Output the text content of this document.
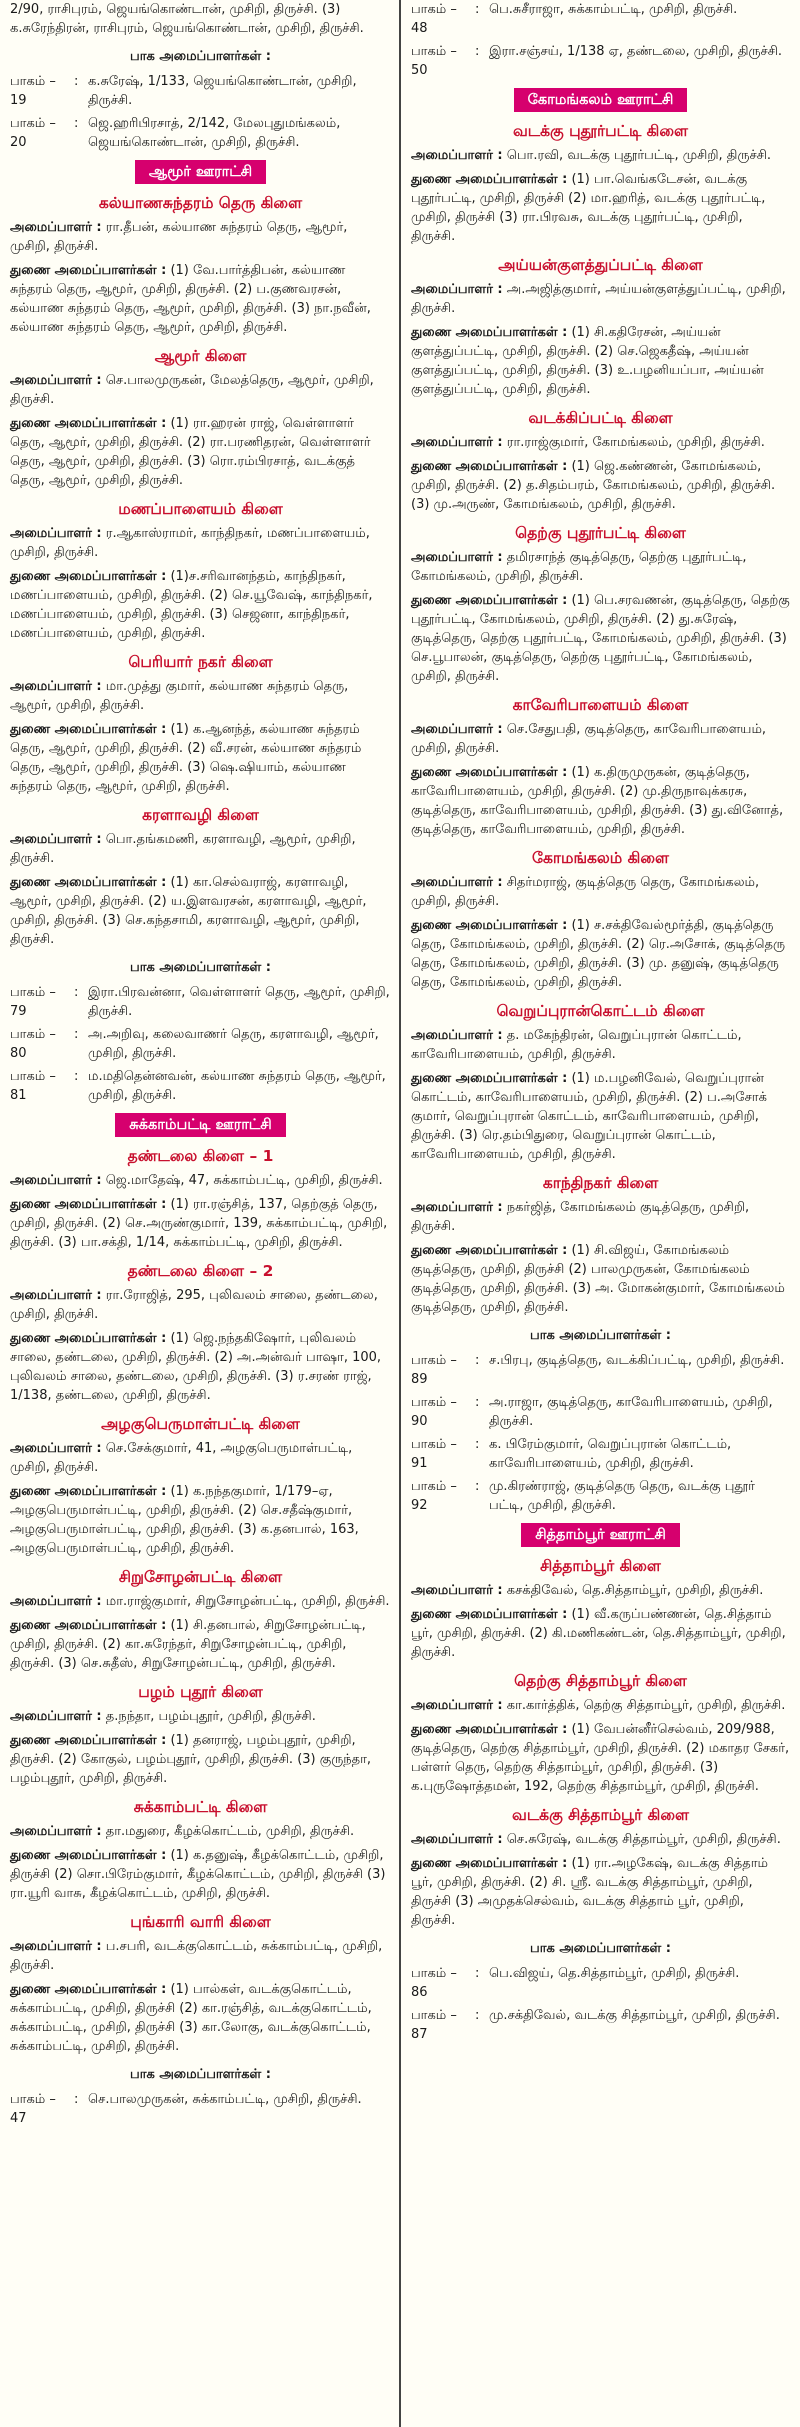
2/90, ராசிபுரம், ஜெயங்கொண்டான், முசிறி, திருச்சி. (3) க.சுரேந்திரன், ராசிபுரம், ஜெயங்கொண்டான், முசிறி, திருச்சி.

பாக அமைப்பாளர்கள் :
பாகம் – 19
: க.சுரேஷ், 1/133, ஜெயங்கொண்டான், முசிறி, திருச்சி.
பாகம் – 20
: ஜெ.ஹரிபிரசாத், 2/142, மேலபுதுமங்கலம், ஜெயங்கொண்டான், முசிறி, திருச்சி.
ஆமூர் ஊராட்சி
கல்யாணசுந்தரம் தெரு கிளை

அமைப்பாளர் : ரா.தீபன், கல்யாண சுந்தரம் தெரு, ஆமூர், முசிறி, திருச்சி.

துணை அமைப்பாளர்கள் : (1) வே.பார்த்திபன், கல்யாண சுந்தரம் தெரு, ஆமூர், முசிறி, திருச்சி. (2) ப.குணவரசன், கல்யாண சுந்தரம் தெரு, ஆமூர், முசிறி, திருச்சி. (3) நா.நவீன், கல்யாண சுந்தரம் தெரு, ஆமூர், முசிறி, திருச்சி.

ஆமூர் கிளை

அமைப்பாளர் : செ.பாலமுருகன், மேலத்தெரு, ஆமூர், முசிறி, திருச்சி.

துணை அமைப்பாளர்கள் : (1) ரா.ஹரன் ராஜ், வெள்ளாளர் தெரு, ஆமூர், முசிறி, திருச்சி. (2) ரா.பரணிதரன், வெள்ளாளர் தெரு, ஆமூர், முசிறி, திருச்சி. (3) ரொ.ரம்பிரசாத், வடக்குத் தெரு, ஆமூர், முசிறி, திருச்சி.

மணப்பாளையம் கிளை

அமைப்பாளர் : ர.ஆகாஸ்ராமர், காந்திநகர், மணப்பாளையம், முசிறி, திருச்சி.

துணை அமைப்பாளர்கள் : (1)ச.சரிவானந்தம், காந்திநகர், மணப்பாளையம், முசிறி, திருச்சி. (2) செ.யூவேஷ், காந்திநகர், மணப்பாளையம், முசிறி, திருச்சி. (3) செஜனா, காந்திநகர், மணப்பாளையம், முசிறி, திருச்சி.

பெரியார் நகர் கிளை

அமைப்பாளர் : மா.முத்து குமார், கல்யாண சுந்தரம் தெரு, ஆமூர், முசிறி, திருச்சி.

துணை அமைப்பாளர்கள் : (1) க.ஆனந்த், கல்யாண சுந்தரம் தெரு, ஆமூர், முசிறி, திருச்சி. (2) வீ.சரன், கல்யாண சுந்தரம் தெரு, ஆமூர், முசிறி, திருச்சி. (3) ஷெ.ஷியாம், கல்யாண சுந்தரம் தெரு, ஆமூர், முசிறி, திருச்சி.

கரளாவழி கிளை

அமைப்பாளர் : பொ.தங்கமணி, கரளாவழி, ஆமூர், முசிறி, திருச்சி.

துணை அமைப்பாளர்கள் : (1) கா.செல்வராஜ், கரளாவழி, ஆமூர், முசிறி, திருச்சி. (2) ய.இளவரசன், கரளாவழி, ஆமூர், முசிறி, திருச்சி. (3) செ.கந்தசாமி, கரளாவழி, ஆமூர், முசிறி, திருச்சி.

பாக அமைப்பாளர்கள் :
பாகம் – 79
: இரா.பிரவன்னா, வெள்ளாளர் தெரு, ஆமூர், முசிறி, திருச்சி.
பாகம் – 80
: அ.அறிவு, கலைவாணர் தெரு, கரளாவழி, ஆமூர், முசிறி, திருச்சி.
பாகம் – 81
: ம.மதிதென்னவன், கல்யாண சுந்தரம் தெரு, ஆமூர், முசிறி, திருச்சி.
சுக்காம்பட்டி ஊராட்சி
தண்டலை கிளை – 1

அமைப்பாளர் : ஜெ.மாதேஷ், 47, சுக்காம்பட்டி, முசிறி, திருச்சி.

துணை அமைப்பாளர்கள் : (1) ரா.ரஞ்சித், 137, தெற்குத் தெரு, முசிறி, திருச்சி. (2) செ.அருண்குமார், 139, சுக்காம்பட்டி, முசிறி, திருச்சி. (3) பா.சக்தி, 1/14, சுக்காம்பட்டி, முசிறி, திருச்சி.

தண்டலை கிளை – 2

அமைப்பாளர் : ரா.ரோஜித், 295, புலிவலம் சாலை, தண்டலை, முசிறி, திருச்சி.

துணை அமைப்பாளர்கள் : (1) ஜெ.நந்தகிஷோர், புலிவலம் சாலை, தண்டலை, முசிறி, திருச்சி. (2) அ.அன்வர் பாஷா, 100, புலிவலம் சாலை, தண்டலை, முசிறி, திருச்சி. (3) ர.சரண் ராஜ், 1/138, தண்டலை, முசிறி, திருச்சி.

அழகுபெருமாள்பட்டி கிளை

அமைப்பாளர் : செ.சேக்குமார், 41, அழகுபெருமாள்பட்டி, முசிறி, திருச்சி.

துணை அமைப்பாளர்கள் : (1) க.நந்தகுமார், 1/179–ஏ, அழகுபெருமாள்பட்டி, முசிறி, திருச்சி. (2) செ.சதீஷ்குமார், அழகுபெருமாள்பட்டி, முசிறி, திருச்சி. (3) க.தனபால், 163, அழகுபெருமாள்பட்டி, முசிறி, திருச்சி.

சிறுசோழன்பட்டி கிளை

அமைப்பாளர் : மா.ராஜ்குமார், சிறுசோழன்பட்டி, முசிறி, திருச்சி.

துணை அமைப்பாளர்கள் : (1) சி.தனபால், சிறுசோழன்பட்டி, முசிறி, திருச்சி. (2) கா.சுரேந்தர், சிறுசோழன்பட்டி, முசிறி, திருச்சி. (3) செ.சுதீஸ், சிறுசோழன்பட்டி, முசிறி, திருச்சி.

பழம் புதூர் கிளை

அமைப்பாளர் : த.நந்தா, பழம்புதூர், முசிறி, திருச்சி.

துணை அமைப்பாளர்கள் : (1) தனராஜ், பழம்புதூர், முசிறி, திருச்சி. (2) கோகுல், பழம்புதூர், முசிறி, திருச்சி. (3) குருந்தா, பழம்புதூர், முசிறி, திருச்சி.

சுக்காம்பட்டி கிளை

அமைப்பாளர் : தா.மதுரை, கீழக்கொட்டம், முசிறி, திருச்சி.

துணை அமைப்பாளர்கள் : (1) க.தனுஷ், கீழக்கொட்டம், முசிறி, திருச்சி (2) சொ.பிரேம்குமார், கீழக்கொட்டம், முசிறி, திருச்சி (3) ரா.யூரி வாசு, கீழக்கொட்டம், முசிறி, திருச்சி.

புங்காரி வாரி கிளை

அமைப்பாளர் : ப.சபரி, வடக்குகொட்டம், சுக்காம்பட்டி, முசிறி, திருச்சி.

துணை அமைப்பாளர்கள் : (1) பால்கள், வடக்குகொட்டம், சுக்காம்பட்டி, முசிறி, திருச்சி (2) கா.ரஞ்சித், வடக்குகொட்டம், சுக்காம்பட்டி, முசிறி, திருச்சி (3) கா.லோகு, வடக்குகொட்டம், சுக்காம்பட்டி, முசிறி, திருச்சி.

பாக அமைப்பாளர்கள் :
பாகம் – 47
: செ.பாலமுருகன், சுக்காம்பட்டி, முசிறி, திருச்சி.
பாகம் – 48
: பெ.சுசீராஜா, சுக்காம்பட்டி, முசிறி, திருச்சி.
பாகம் – 50
: இரா.சஞ்சய், 1/138 ஏ, தண்டலை, முசிறி, திருச்சி.
கோமங்கலம் ஊராட்சி
வடக்கு புதூர்பட்டி கிளை

அமைப்பாளர் : பொ.ரவி, வடக்கு புதூர்பட்டி, முசிறி, திருச்சி.

துணை அமைப்பாளர்கள் : (1) பா.வெங்கடேசன், வடக்கு புதூர்பட்டி, முசிறி, திருச்சி (2) மா.ஹரித், வடக்கு புதூர்பட்டி, முசிறி, திருச்சி (3) ரா.பிரவசு, வடக்கு புதூர்பட்டி, முசிறி, திருச்சி.

அய்யன்குளத்துப்பட்டி கிளை

அமைப்பாளர் : அ.அஜித்குமார், அய்யன்குளத்துப்பட்டி, முசிறி, திருச்சி.

துணை அமைப்பாளர்கள் : (1) சி.கதிரேசன், அய்யன் குளத்துப்பட்டி, முசிறி, திருச்சி. (2) செ.ஜெகதீஷ், அய்யன் குளத்துப்பட்டி, முசிறி, திருச்சி. (3) உ.பழனியப்பா, அய்யன் குளத்துப்பட்டி, முசிறி, திருச்சி.

வடக்கிப்பட்டி கிளை

அமைப்பாளர் : ரா.ராஜ்குமார், கோமங்கலம், முசிறி, திருச்சி.

துணை அமைப்பாளர்கள் : (1) ஜெ.கண்ணன், கோமங்கலம், முசிறி, திருச்சி. (2) த.சிதம்பரம், கோமங்கலம், முசிறி, திருச்சி. (3) மு.அருண், கோமங்கலம், முசிறி, திருச்சி.

தெற்கு புதூர்பட்டி கிளை

அமைப்பாளர் : தமிரசாந்த் குடித்தெரு, தெற்கு புதூர்பட்டி, கோமங்கலம், முசிறி, திருச்சி.

துணை அமைப்பாளர்கள் : (1) பெ.சரவணன், குடித்தெரு, தெற்கு புதூர்பட்டி, கோமங்கலம், முசிறி, திருச்சி. (2) து.சுரேஷ், குடித்தெரு, தெற்கு புதூர்பட்டி, கோமங்கலம், முசிறி, திருச்சி. (3) செ.பூபாலன், குடித்தெரு, தெற்கு புதூர்பட்டி, கோமங்கலம், முசிறி, திருச்சி.

காவேரிபாளையம் கிளை

அமைப்பாளர் : செ.சேதுபதி, குடித்தெரு, காவேரிபாளையம், முசிறி, திருச்சி.

துணை அமைப்பாளர்கள் : (1) க.திருமுருகன், குடித்தெரு, காவேரிபாளையம், முசிறி, திருச்சி. (2) மு.திருநாவுக்கரசு, குடித்தெரு, காவேரிபாளையம், முசிறி, திருச்சி. (3) து.வினோத், குடித்தெரு, காவேரிபாளையம், முசிறி, திருச்சி.

கோமங்கலம் கிளை

அமைப்பாளர் : சிதர்மராஜ், குடித்தெரு தெரு, கோமங்கலம், முசிறி, திருச்சி.

துணை அமைப்பாளர்கள் : (1) ச.சக்திவேல்மூர்த்தி, குடித்தெரு தெரு, கோமங்கலம், முசிறி, திருச்சி. (2) ரெ.அசோக், குடித்தெரு தெரு, கோமங்கலம், முசிறி, திருச்சி. (3) மு. தனுஷ், குடித்தெரு தெரு, கோமங்கலம், முசிறி, திருச்சி.

வெறுப்புரான்கொட்டம் கிளை

அமைப்பாளர் : த. மகேந்திரன், வெறுப்புரான் கொட்டம், காவேரிபாளையம், முசிறி, திருச்சி.

துணை அமைப்பாளர்கள் : (1) ம.பழனிவேல், வெறுப்புரான் கொட்டம், காவேரிபாளையம், முசிறி, திருச்சி. (2) ப.அசோக் குமார், வெறுப்புரான் கொட்டம், காவேரிபாளையம், முசிறி, திருச்சி. (3) ரெ.தம்பிதுரை, வெறுப்புரான் கொட்டம், காவேரிபாளையம், முசிறி, திருச்சி.

காந்திநகர் கிளை

அமைப்பாளர் : நகர்ஜித், கோமங்கலம் குடித்தெரு, முசிறி, திருச்சி.

துணை அமைப்பாளர்கள் : (1) சி.விஜய், கோமங்கலம் குடித்தெரு, முசிறி, திருச்சி (2) பாலமுருகன், கோமங்கலம் குடித்தெரு, முசிறி, திருச்சி. (3) அ. மோகன்குமார், கோமங்கலம் குடித்தெரு, முசிறி, திருச்சி.

பாக அமைப்பாளர்கள் :
பாகம் – 89
: ச.பிரபு, குடித்தெரு, வடக்கிப்பட்டி, முசிறி, திருச்சி.
பாகம் – 90
: அ.ராஜா, குடித்தெரு, காவேரிபாளையம், முசிறி, திருச்சி.
பாகம் – 91
: க. பிரேம்குமார், வெறுப்புரான் கொட்டம், காவேரிபாளையம், முசிறி, திருச்சி.
பாகம் – 92
: மு.கிரண்ராஜ், குடித்தெரு தெரு, வடக்கு புதூர் பட்டி, முசிறி, திருச்சி.
சித்தாம்பூர் ஊராட்சி
சித்தாம்பூர் கிளை

அமைப்பாளர் : கசக்திவேல், தெ.சித்தாம்பூர், முசிறி, திருச்சி.

துணை அமைப்பாளர்கள் : (1) வீ.கருப்பண்ணன், தெ.சித்தாம் பூர், முசிறி, திருச்சி. (2) கி.மணிகண்டன், தெ.சித்தாம்பூர், முசிறி, திருச்சி.

தெற்கு சித்தாம்பூர் கிளை

அமைப்பாளர் : கா.கார்த்திக், தெற்கு சித்தாம்பூர், முசிறி, திருச்சி.

துணை அமைப்பாளர்கள் : (1) வேபன்னீர்செல்வம், 209/988, குடித்தெரு, தெற்கு சித்தாம்பூர், முசிறி, திருச்சி. (2) மகாதர சேகர், பள்ளர் தெரு, தெற்கு சித்தாம்பூர், முசிறி, திருச்சி. (3) க.புருஷோத்தமன், 192, தெற்கு சித்தாம்பூர், முசிறி, திருச்சி.

வடக்கு சித்தாம்பூர் கிளை

அமைப்பாளர் : செ.சுரேஷ், வடக்கு சித்தாம்பூர், முசிறி, திருச்சி.

துணை அமைப்பாளர்கள் : (1) ரா.அழகேஷ், வடக்கு சித்தாம் பூர், முசிறி, திருச்சி. (2) சி. ஸ்ரீ. வடக்கு சித்தாம்பூர், முசிறி, திருச்சி (3) அமுதக்செல்வம், வடக்கு சித்தாம் பூர், முசிறி, திருச்சி.

பாக அமைப்பாளர்கள் :
பாகம் – 86
: பெ.விஜய், தெ.சித்தாம்பூர், முசிறி, திருச்சி.
பாகம் – 87
: மு.சக்திவேல், வடக்கு சித்தாம்பூர், முசிறி, திருச்சி.
